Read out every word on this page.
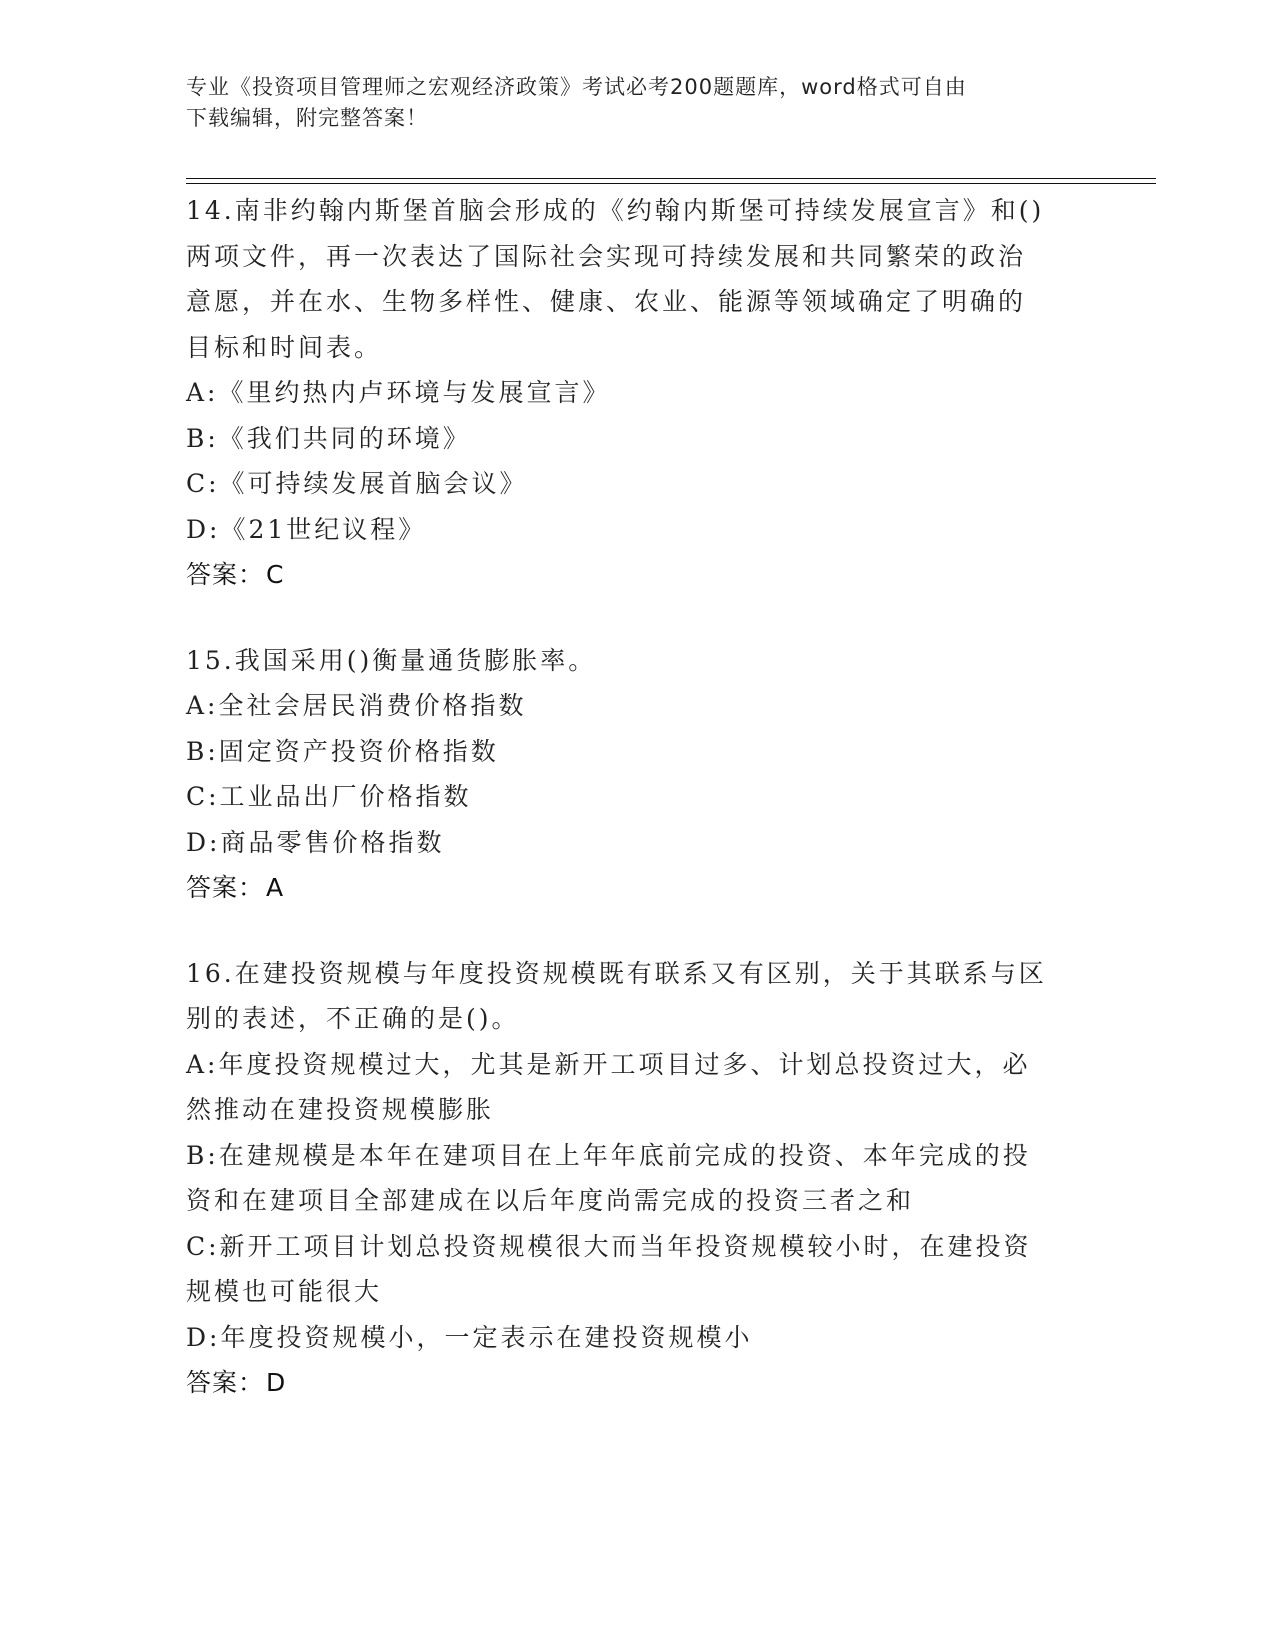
专业《投资项目管理师之宏观经济政策》考试必考200题题库，word格式可自由
下载编辑，附完整答案！
14.南非约翰内斯堡首脑会形成的《约翰内斯堡可持续发展宣言》和()
两项文件，再一次表达了国际社会实现可持续发展和共同繁荣的政治
意愿，并在水、生物多样性、健康、农业、能源等领域确定了明确的
目标和时间表。
A:《里约热内卢环境与发展宣言》
B:《我们共同的环境》
C:《可持续发展首脑会议》
D:《21世纪议程》
答案：C
15.我国采用()衡量通货膨胀率。
A:全社会居民消费价格指数
B:固定资产投资价格指数
C:工业品出厂价格指数
D:商品零售价格指数
答案：A
16.在建投资规模与年度投资规模既有联系又有区别，关于其联系与区
别的表述，不正确的是()。
A:年度投资规模过大，尤其是新开工项目过多、计划总投资过大，必
然推动在建投资规模膨胀
B:在建规模是本年在建项目在上年年底前完成的投资、本年完成的投
资和在建项目全部建成在以后年度尚需完成的投资三者之和
C:新开工项目计划总投资规模很大而当年投资规模较小时，在建投资
规模也可能很大
D:年度投资规模小，一定表示在建投资规模小
答案：D
